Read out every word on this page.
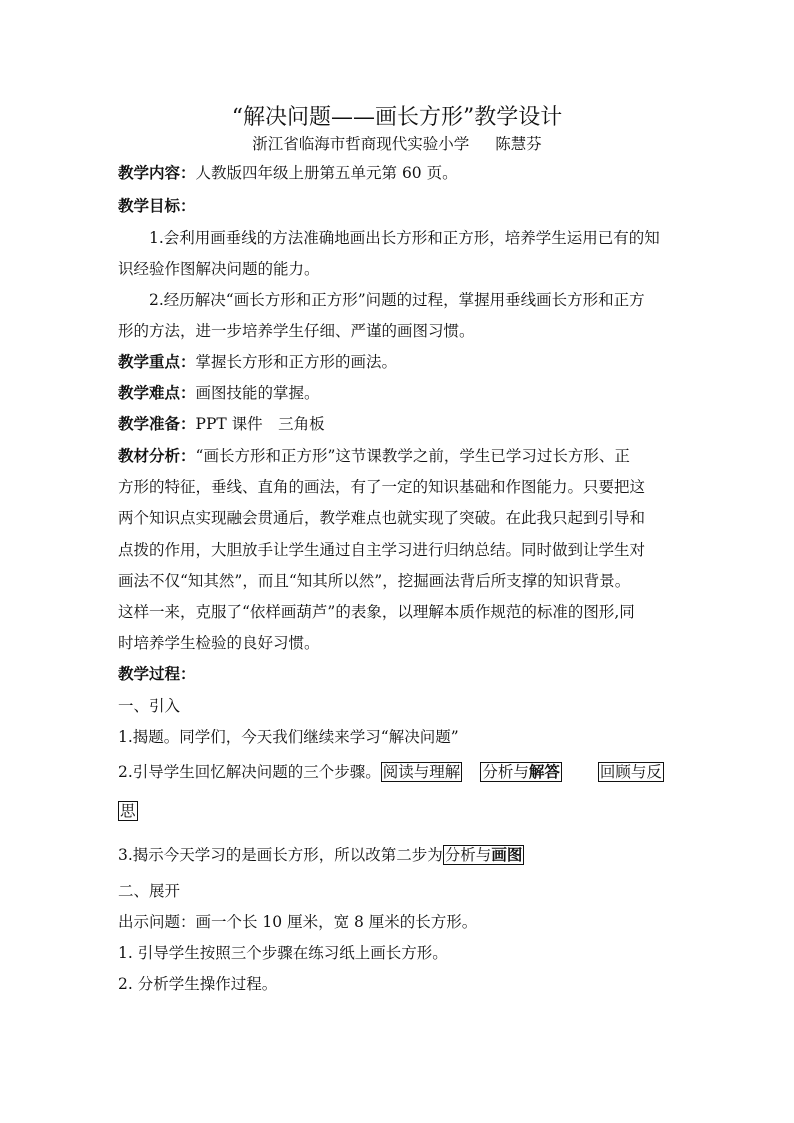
“解决问题——画长方形”教学设计
浙江省临海市哲商现代实验小学 陈慧芬
教学内容：人教版四年级上册第五单元第 60 页。
教学目标：
1.会利用画垂线的方法准确地画出长方形和正方形，培养学生运用已有的知
识经验作图解决问题的能力。
2.经历解决“画长方形和正方形”问题的过程，掌握用垂线画长方形和正方
形的方法，进一步培养学生仔细、严谨的画图习惯。
教学重点：掌握长方形和正方形的画法。
教学难点：画图技能的掌握。
教学准备：PPT 课件　三角板
教材分析：“画长方形和正方形”这节课教学之前，学生已学习过长方形、正
方形的特征，垂线、直角的画法，有了一定的知识基础和作图能力。只要把这
两个知识点实现融会贯通后，教学难点也就实现了突破。在此我只起到引导和
点拨的作用，大胆放手让学生通过自主学习进行归纳总结。同时做到让学生对
画法不仅“知其然”，而且“知其所以然”，挖掘画法背后所支撑的知识背景。
这样一来，克服了“依样画葫芦”的表象，以理解本质作规范的标准的图形,同
时培养学生检验的良好习惯。
教学过程：
一、引入
1.揭题。同学们，今天我们继续来学习“解决问题”
2.引导学生回忆解决问题的三个步骤。 阅读与理解 分析与解答	回顾与反
思
3.揭示今天学习的是画长方形，所以改第二步为 分析与画图
二、展开
出示问题：画一个长 10 厘米，宽 8 厘米的长方形。
1. 引导学生按照三个步骤在练习纸上画长方形。
2. 分析学生操作过程。
